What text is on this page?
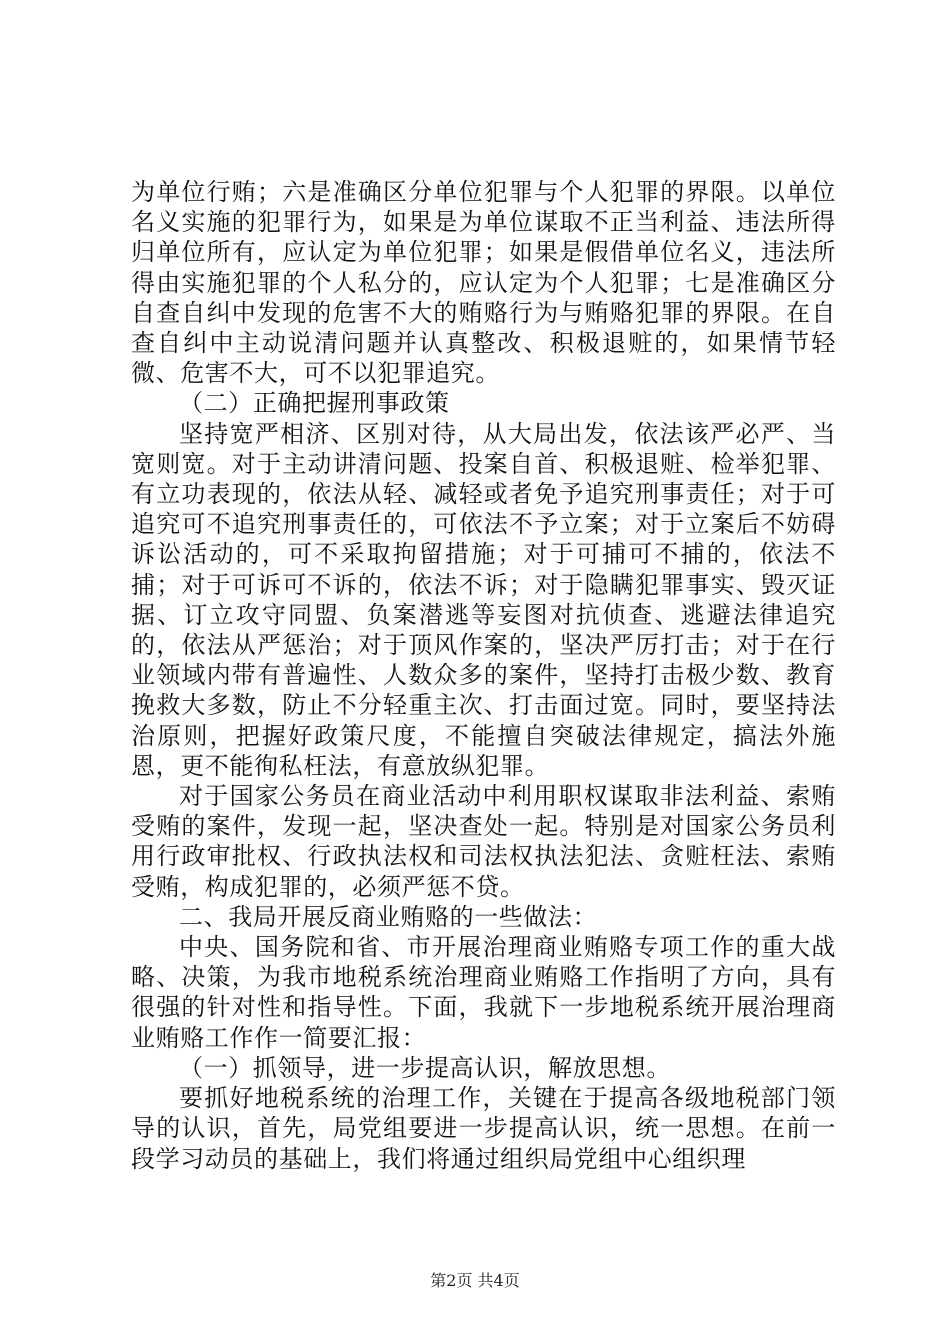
为单位行贿；六是准确区分单位犯罪与个人犯罪的界限。以单位名义实施的犯罪行为，如果是为单位谋取不正当利益、违法所得归单位所有，应认定为单位犯罪；如果是假借单位名义，违法所得由实施犯罪的个人私分的，应认定为个人犯罪；七是准确区分自查自纠中发现的危害不大的贿赂行为与贿赂犯罪的界限。在自查自纠中主动说清问题并认真整改、积极退赃的，如果情节轻微、危害不大，可不以犯罪追究。

（二）正确把握刑事政策

坚持宽严相济、区别对待，从大局出发，依法该严必严、当宽则宽。对于主动讲清问题、投案自首、积极退赃、检举犯罪、有立功表现的，依法从轻、减轻或者免予追究刑事责任；对于可追究可不追究刑事责任的，可依法不予立案；对于立案后不妨碍诉讼活动的，可不采取拘留措施；对于可捕可不捕的，依法不捕；对于可诉可不诉的，依法不诉；对于隐瞒犯罪事实、毁灭证据、订立攻守同盟、负案潜逃等妄图对抗侦查、逃避法律追究的，依法从严惩治；对于顶风作案的，坚决严厉打击；对于在行业领域内带有普遍性、人数众多的案件，坚持打击极少数、教育挽救大多数，防止不分轻重主次、打击面过宽。同时，要坚持法治原则，把握好政策尺度，不能擅自突破法律规定，搞法外施恩，更不能徇私枉法，有意放纵犯罪。

对于国家公务员在商业活动中利用职权谋取非法利益、索贿受贿的案件，发现一起，坚决查处一起。特别是对国家公务员利用行政审批权、行政执法权和司法权执法犯法、贪赃枉法、索贿受贿，构成犯罪的，必须严惩不贷。

二、我局开展反商业贿赂的一些做法：

中央、国务院和省、市开展治理商业贿赂专项工作的重大战略、决策，为我市地税系统治理商业贿赂工作指明了方向，具有很强的针对性和指导性。下面，我就下一步地税系统开展治理商业贿赂工作作一简要汇报：

（一）抓领导，进一步提高认识，解放思想。

要抓好地税系统的治理工作，关键在于提高各级地税部门领导的认识，首先，局党组要进一步提高认识，统一思想。在前一段学习动员的基础上，我们将通过组织局党组中心组织理

第2页 共4页
